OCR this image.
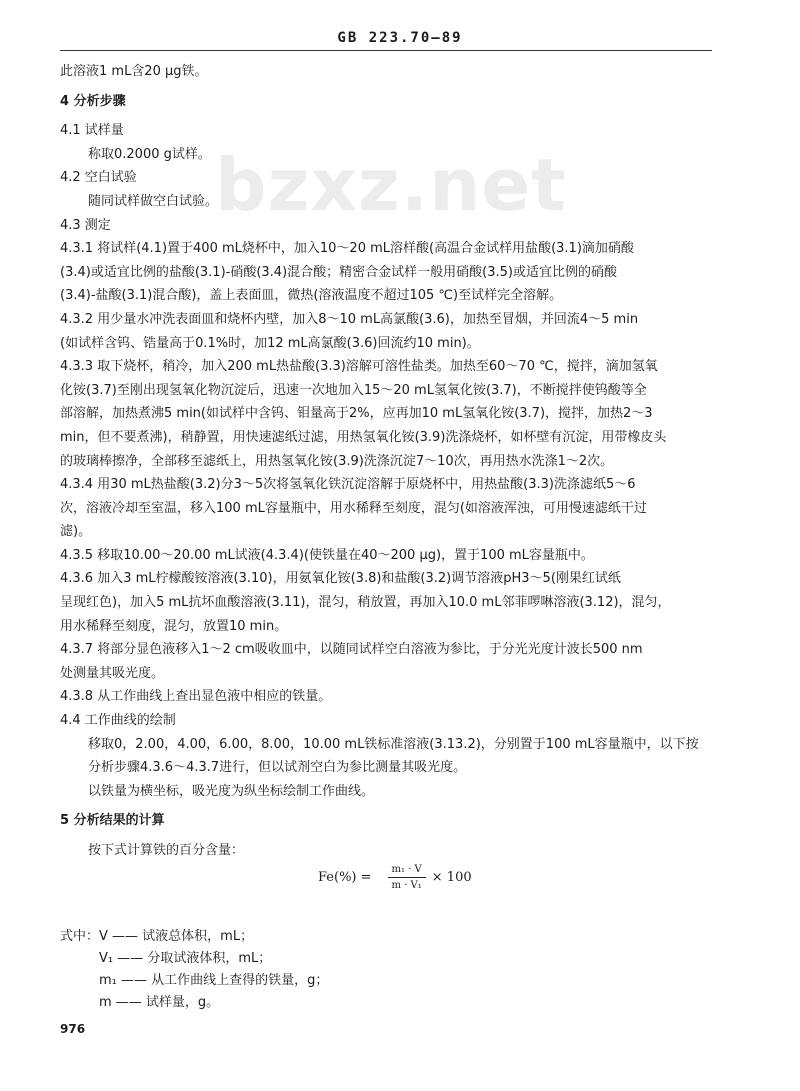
GB 223.70—89
bzxz.net
此溶液1 mL含20 μg铁。
4 分析步骤
4.1 试样量
称取0.2000 g试样。
4.2 空白试验
随同试样做空白试验。
4.3 测定
4.3.1 将试样(4.1)置于400 mL烧杯中，加入10～20 mL溶样酸(高温合金试样用盐酸(3.1)滴加硝酸
(3.4)或适宜比例的盐酸(3.1)-硝酸(3.4)混合酸；精密合金试样一般用硝酸(3.5)或适宜比例的硝酸
(3.4)-盐酸(3.1)混合酸)，盖上表面皿，微热(溶液温度不超过105 ℃)至试样完全溶解。
4.3.2 用少量水冲洗表面皿和烧杯内壁，加入8～10 mL高氯酸(3.6)，加热至冒烟，并回流4～5 min
(如试样含钨、锆量高于0.1%时，加12 mL高氯酸(3.6)回流约10 min)。
4.3.3 取下烧杯，稍冷，加入200 mL热盐酸(3.3)溶解可溶性盐类。加热至60～70 ℃，搅拌，滴加氢氧
化铵(3.7)至刚出现氢氧化物沉淀后，迅速一次地加入15～20 mL氢氧化铵(3.7)，不断搅拌使钨酸等全
部溶解，加热煮沸5 min(如试样中含钨、钼量高于2%，应再加10 mL氢氧化铵(3.7)，搅拌，加热2～3
min，但不要煮沸)，稍静置，用快速滤纸过滤，用热氢氧化铵(3.9)洗涤烧杯，如杯壁有沉淀，用带橡皮头
的玻璃棒擦净，全部移至滤纸上，用热氢氧化铵(3.9)洗涤沉淀7～10次，再用热水洗涤1～2次。
4.3.4 用30 mL热盐酸(3.2)分3～5次将氢氧化铁沉淀溶解于原烧杯中，用热盐酸(3.3)洗涤滤纸5～6
次，溶液冷却至室温，移入100 mL容量瓶中，用水稀释至刻度，混匀(如溶液浑浊，可用慢速滤纸干过
滤)。
4.3.5 移取10.00～20.00 mL试液(4.3.4)(使铁量在40～200 μg)，置于100 mL容量瓶中。
4.3.6 加入3 mL柠檬酸铵溶液(3.10)，用氨氧化铵(3.8)和盐酸(3.2)调节溶液pH3～5(刚果红试纸
呈现红色)，加入5 mL抗坏血酸溶液(3.11)，混匀，稍放置，再加入10.0 mL邻菲啰啉溶液(3.12)，混匀，
用水稀释至刻度，混匀，放置10 min。
4.3.7 将部分显色液移入1～2 cm吸收皿中，以随同试样空白溶液为参比，于分光光度计波长500 nm
处测量其吸光度。
4.3.8 从工作曲线上查出显色液中相应的铁量。
4.4 工作曲线的绘制
移取0，2.00，4.00，6.00，8.00，10.00 mL铁标准溶液(3.13.2)，分别置于100 mL容量瓶中，以下按
分析步骤4.3.6～4.3.7进行，但以试剂空白为参比测量其吸光度。
以铁量为横坐标，吸光度为纵坐标绘制工作曲线。
5 分析结果的计算
按下式计算铁的百分含量：
$Fe(\%) = \frac{\text{m₁ · V}}{\text{m · V₁}} \times 100$
式中：V —— 试液总体积，mL；
　　　V₁ —— 分取试液体积，mL；
　　　m₁ —— 从工作曲线上查得的铁量，g；
　　　m —— 试样量，g。
976
